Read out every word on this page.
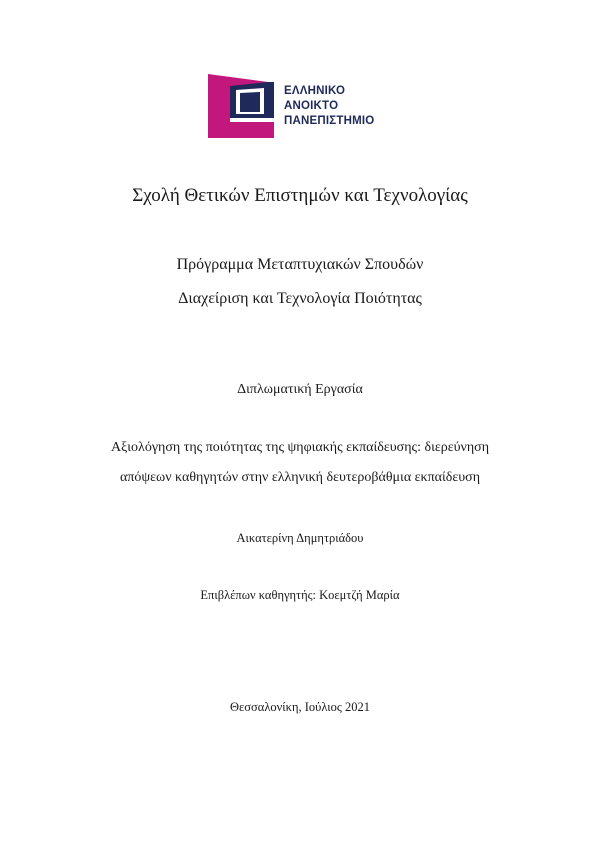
ΕΛΛΗΝΙΚΟ
ΑΝΟΙΚΤΟ
ΠΑΝΕΠΙΣΤΗΜΙΟ
Σχολή Θετικών Επιστημών και Τεχνολογίας
Πρόγραμμα Μεταπτυχιακών Σπουδών
Διαχείριση και Τεχνολογία Ποιότητας
Διπλωματική Εργασία
Αξιολόγηση της ποιότητας της ψηφιακής εκπαίδευσης: διερεύνηση
απόψεων καθηγητών στην ελληνική δευτεροβάθμια εκπαίδευση
Αικατερίνη Δημητριάδου
Επιβλέπων καθηγητής: Κοεμτζή Μαρία
Θεσσαλονίκη, Ιούλιος 2021
